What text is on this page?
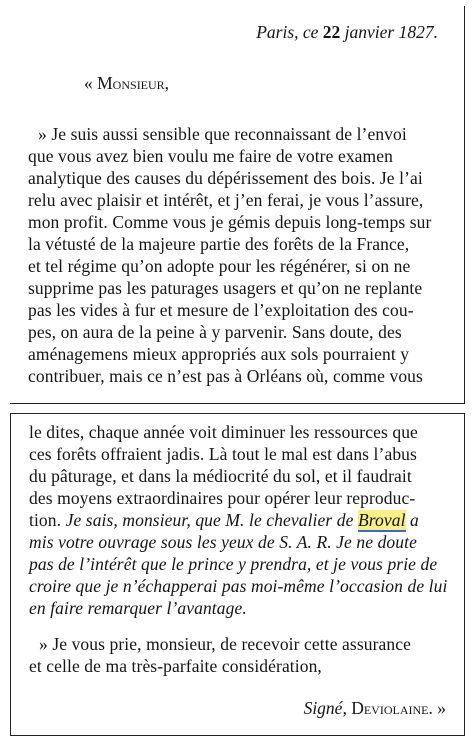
Paris, ce 22 janvier 1827.
« Monsieur,
» Je suis aussi sensible que reconnaissant de l’envoi
que vous avez bien voulu me faire de votre examen
analytique des causes du dépérissement des bois. Je l’ai
relu avec plaisir et intérêt, et j’en ferai, je vous l’assure,
mon profit. Comme vous je gémis depuis long-temps sur
la vétusté de la majeure partie des forêts de la France,
et tel régime qu’on adopte pour les régénérer, si on ne
supprime pas les paturages usagers et qu’on ne replante
pas les vides à fur et mesure de l’exploitation des cou-
pes, on aura de la peine à y parvenir. Sans doute, des
aménagemens mieux appropriés aux sols pourraient y
contribuer, mais ce n’est pas à Orléans où, comme vous
le dites, chaque année voit diminuer les ressources que
ces forêts offraient jadis. Là tout le mal est dans l’abus
du pâturage, et dans la médiocrité du sol, et il faudrait
des moyens extraordinaires pour opérer leur reproduc-
tion. Je sais, monsieur, que M. le chevalier de Broval a
mis votre ouvrage sous les yeux de S. A. R. Je ne doute
pas de l’intérêt que le prince y prendra, et je vous prie de
croire que je n’échapperai pas moi-même l’occasion de lui
en faire remarquer l’avantage.
» Je vous prie, monsieur, de recevoir cette assurance
et celle de ma très-parfaite considération,
Signé, Deviolaine. »
